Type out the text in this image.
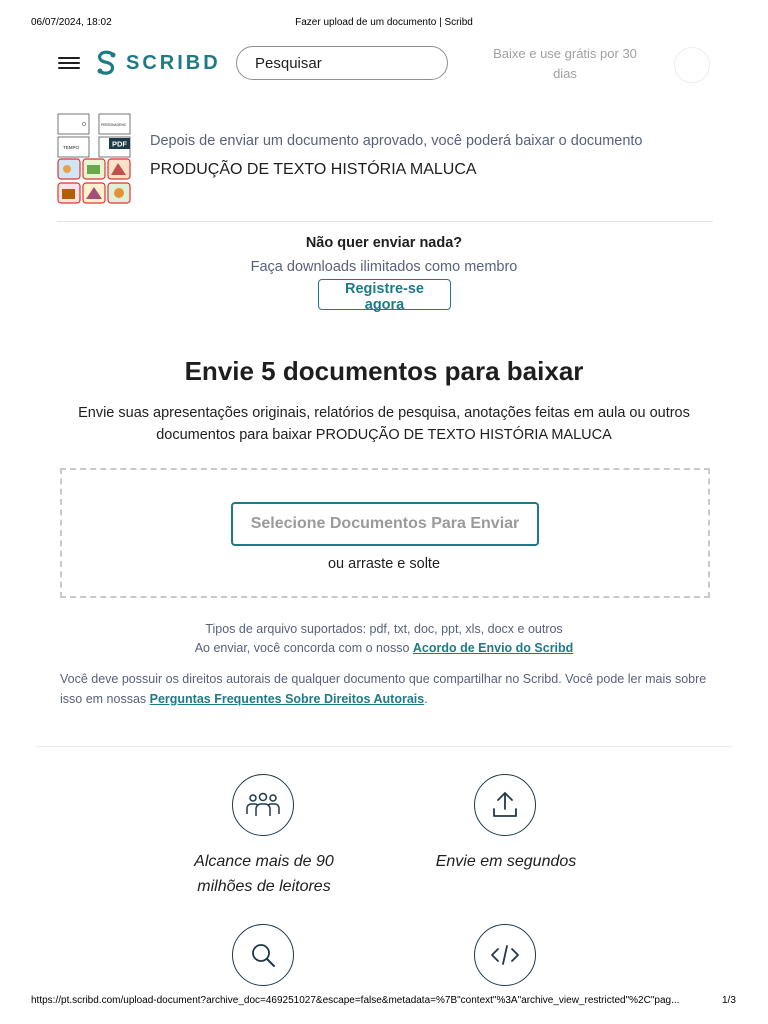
06/07/2024, 18:02	Fazer upload de um documento | Scribd
SCRIBD
Pesquisar	Baixe e use grátis por 30 dias
O	PERSONAGENS
TEMPO	PDF Depois de enviar um documento aprovado, você poderá baixar o documento
PRODUÇÃO DE TEXTO HISTÓRIA MALUCA
Não quer enviar nada?
Faça downloads ilimitados como membro
Registre-se agora
Envie 5 documentos para baixar
Envie suas apresentações originais, relatórios de pesquisa, anotações feitas em aula ou outros documentos para baixar PRODUÇÃO DE TEXTO HISTÓRIA MALUCA
Selecione Documentos Para Enviar
ou arraste e solte
Tipos de arquivo suportados: pdf, txt, doc, ppt, xls, docx e outros
Ao enviar, você concorda com o nosso Acordo de Envio do Scribd
Você deve possuir os direitos autorais de qualquer documento que compartilhar no Scribd. Você pode ler mais sobre isso em nossas Perguntas Frequentes Sobre Direitos Autorais.
Alcance mais de 90 milhões de leitores
Envie em segundos
https://pt.scribd.com/upload-document?archive_doc=469251027&escape=false&metadata=%7B"context"%3A"archive_view_restricted"%2C"pag...	1/3
